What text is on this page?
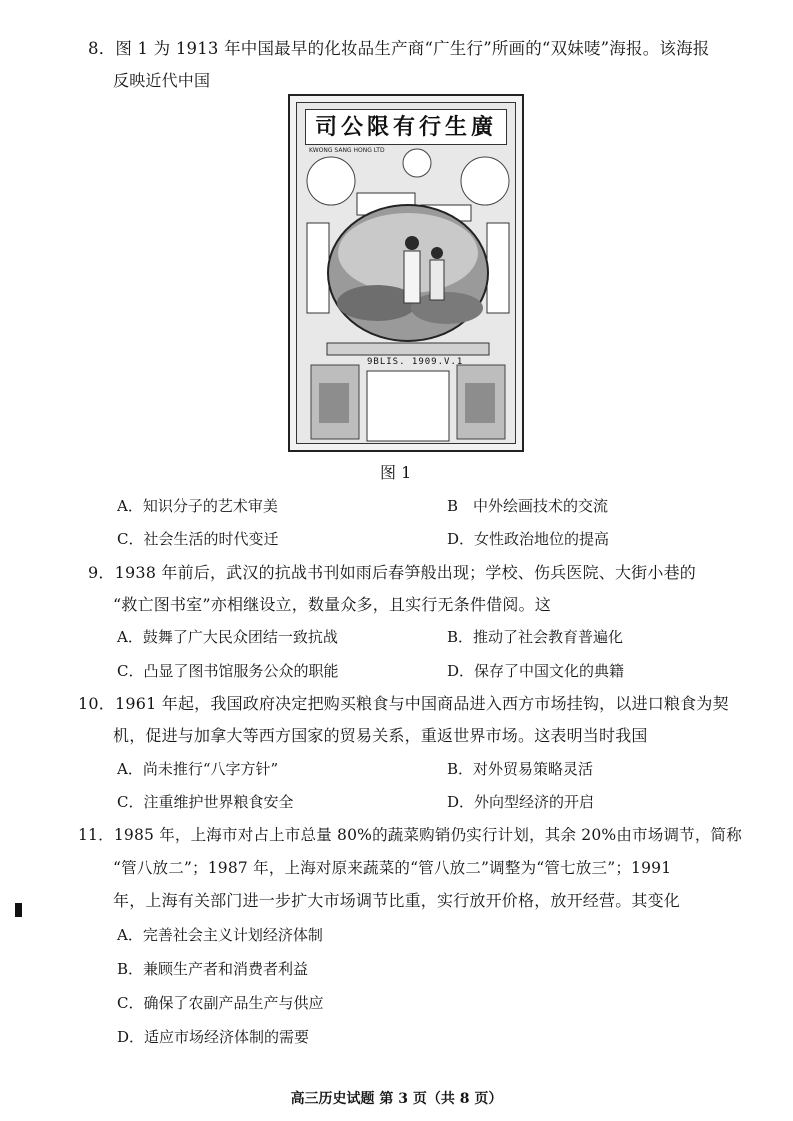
8．图 1 为 1913 年中国最早的化妆品生产商“广生行”所画的“双妹唛”海报。该海报
反映近代中国
司公限有行生廣
KWONG SANG HONG LTD
9BLIS. 1909.V.1
图 1
A．知识分子的艺术审美	B　中外绘画技术的交流
C．社会生活的时代变迁	D．女性政治地位的提高
9．1938 年前后，武汉的抗战书刊如雨后春笋般出现；学校、伤兵医院、大街小巷的
“救亡图书室”亦相继设立，数量众多，且实行无条件借阅。这
A．鼓舞了广大民众团结一致抗战	B．推动了社会教育普遍化
C．凸显了图书馆服务公众的职能	D．保存了中国文化的典籍
10．1961 年起，我国政府决定把购买粮食与中国商品进入西方市场挂钩，以进口粮食为契
机，促进与加拿大等西方国家的贸易关系，重返世界市场。这表明当时我国
A．尚未推行“八字方针”	B．对外贸易策略灵活
C．注重维护世界粮食安全	D．外向型经济的开启
11．1985 年，上海市对占上市总量 80%的蔬菜购销仍实行计划，其余 20%由市场调节，简称
“管八放二”；1987 年，上海对原来蔬菜的“管八放二”调整为“管七放三”；1991
年，上海有关部门进一步扩大市场调节比重，实行放开价格，放开经营。其变化
A．完善社会主义计划经济体制
B．兼顾生产者和消费者利益
C．确保了农副产品生产与供应
D．适应市场经济体制的需要
高三历史试题 第 3 页（共 8 页）
